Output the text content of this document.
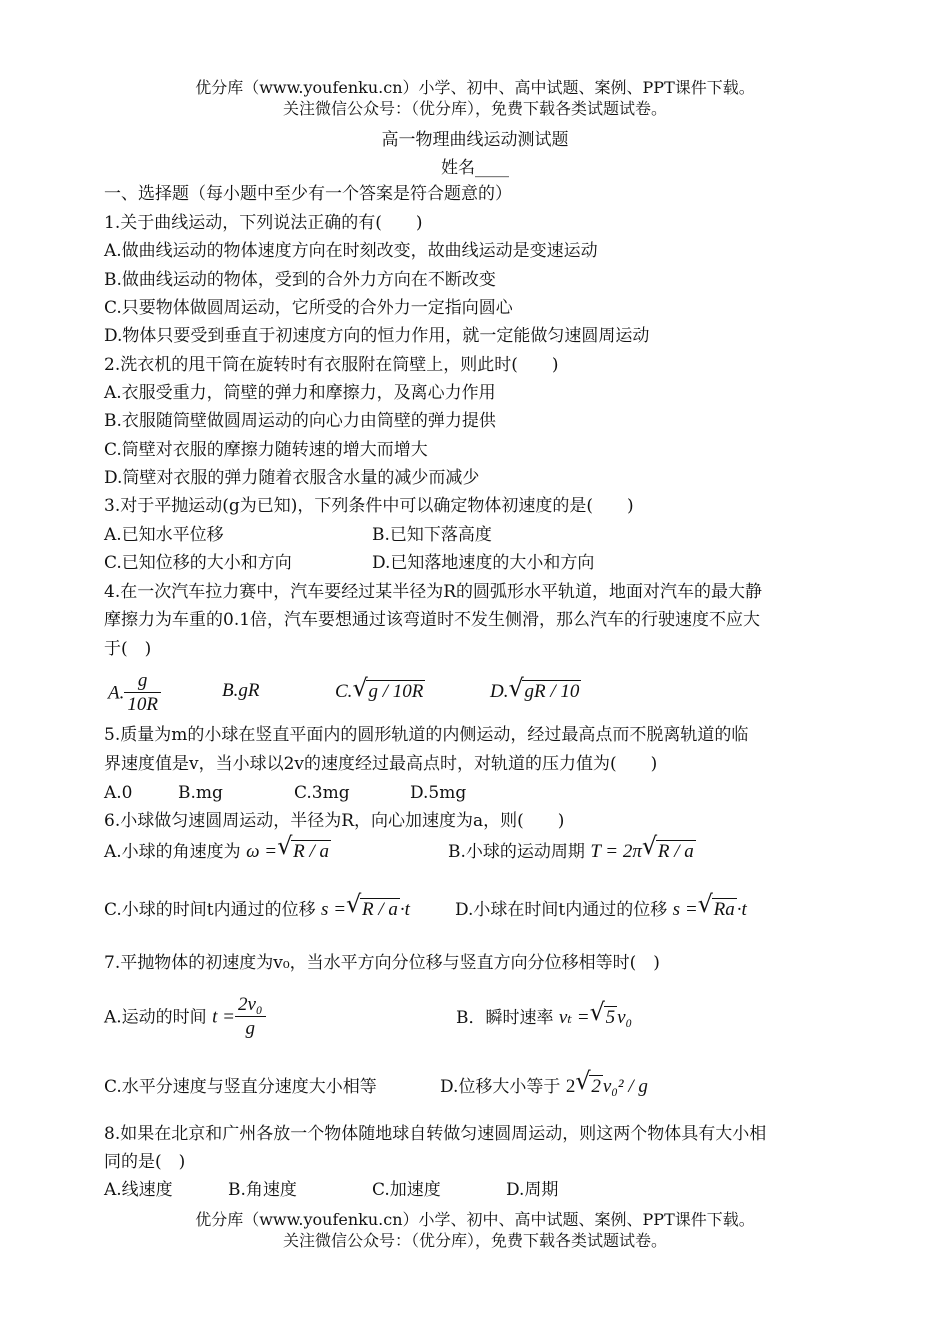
优分库（www.youfenku.cn）小学、初中、高中试题、案例、PPT课件下载。
关注微信公众号：（优分库），免费下载各类试题试卷。
高一物理曲线运动测试题
姓名____
一、选择题（每小题中至少有一个答案是符合题意的）
1.关于曲线运动，下列说法正确的有(　　)
A.做曲线运动的物体速度方向在时刻改变，故曲线运动是变速运动
B.做曲线运动的物体，受到的合外力方向在不断改变
C.只要物体做圆周运动，它所受的合外力一定指向圆心
D.物体只要受到垂直于初速度方向的恒力作用，就一定能做匀速圆周运动
2.洗衣机的甩干筒在旋转时有衣服附在筒壁上，则此时(　　)
A.衣服受重力，筒壁的弹力和摩擦力，及离心力作用
B.衣服随筒壁做圆周运动的向心力由筒壁的弹力提供
C.筒壁对衣服的摩擦力随转速的增大而增大
D.筒壁对衣服的弹力随着衣服含水量的减少而减少
3.对于平抛运动(g为已知)，下列条件中可以确定物体初速度的是(　　)
A.已知水平位移	B.已知下落高度
C.已知位移的大小和方向	D.已知落地速度的大小和方向
4.在一次汽车拉力赛中，汽车要经过某半径为R的圆弧形水平轨道，地面对汽车的最大静
摩擦力为车重的0.1倍，汽车要想通过该弯道时不发生侧滑，那么汽车的行驶速度不应大
于(　)
A. $\frac{g}{10R}$	B.gR	C. √ g / 10R	D. √ gR / 10
5.质量为m的小球在竖直平面内的圆形轨道的内侧运动，经过最高点而不脱离轨道的临
界速度值是v，当小球以2v的速度经过最高点时，对轨道的压力值为(　　)
A.0	B.mg	C.3mg	D.5mg
6.小球做匀速圆周运动，半径为R，向心加速度为a，则(　　)
A.小球的角速度为 ω = √ R / a	B.小球的运动周期 T = 2π √ R / a
C.小球的时间t内通过的位移 s = √ R / a ·t	D.小球在时间t内通过的位移 s = √ Ra ·t
7.平抛物体的初速度为v₀，当水平方向分位移与竖直方向分位移相等时(　)
A.运动的时间 $t = \frac{\text{2v₀}}{g}$	B．瞬时速率 vₜ = √ 5 v₀
C.水平分速度与竖直分速度大小相等	D.位移大小等于 2 √ 2 v₀² / g
8.如果在北京和广州各放一个物体随地球自转做匀速圆周运动，则这两个物体具有大小相
同的是(　)
A.线速度	B.角速度	C.加速度	D.周期
优分库（www.youfenku.cn）小学、初中、高中试题、案例、PPT课件下载。
关注微信公众号：（优分库），免费下载各类试题试卷。
